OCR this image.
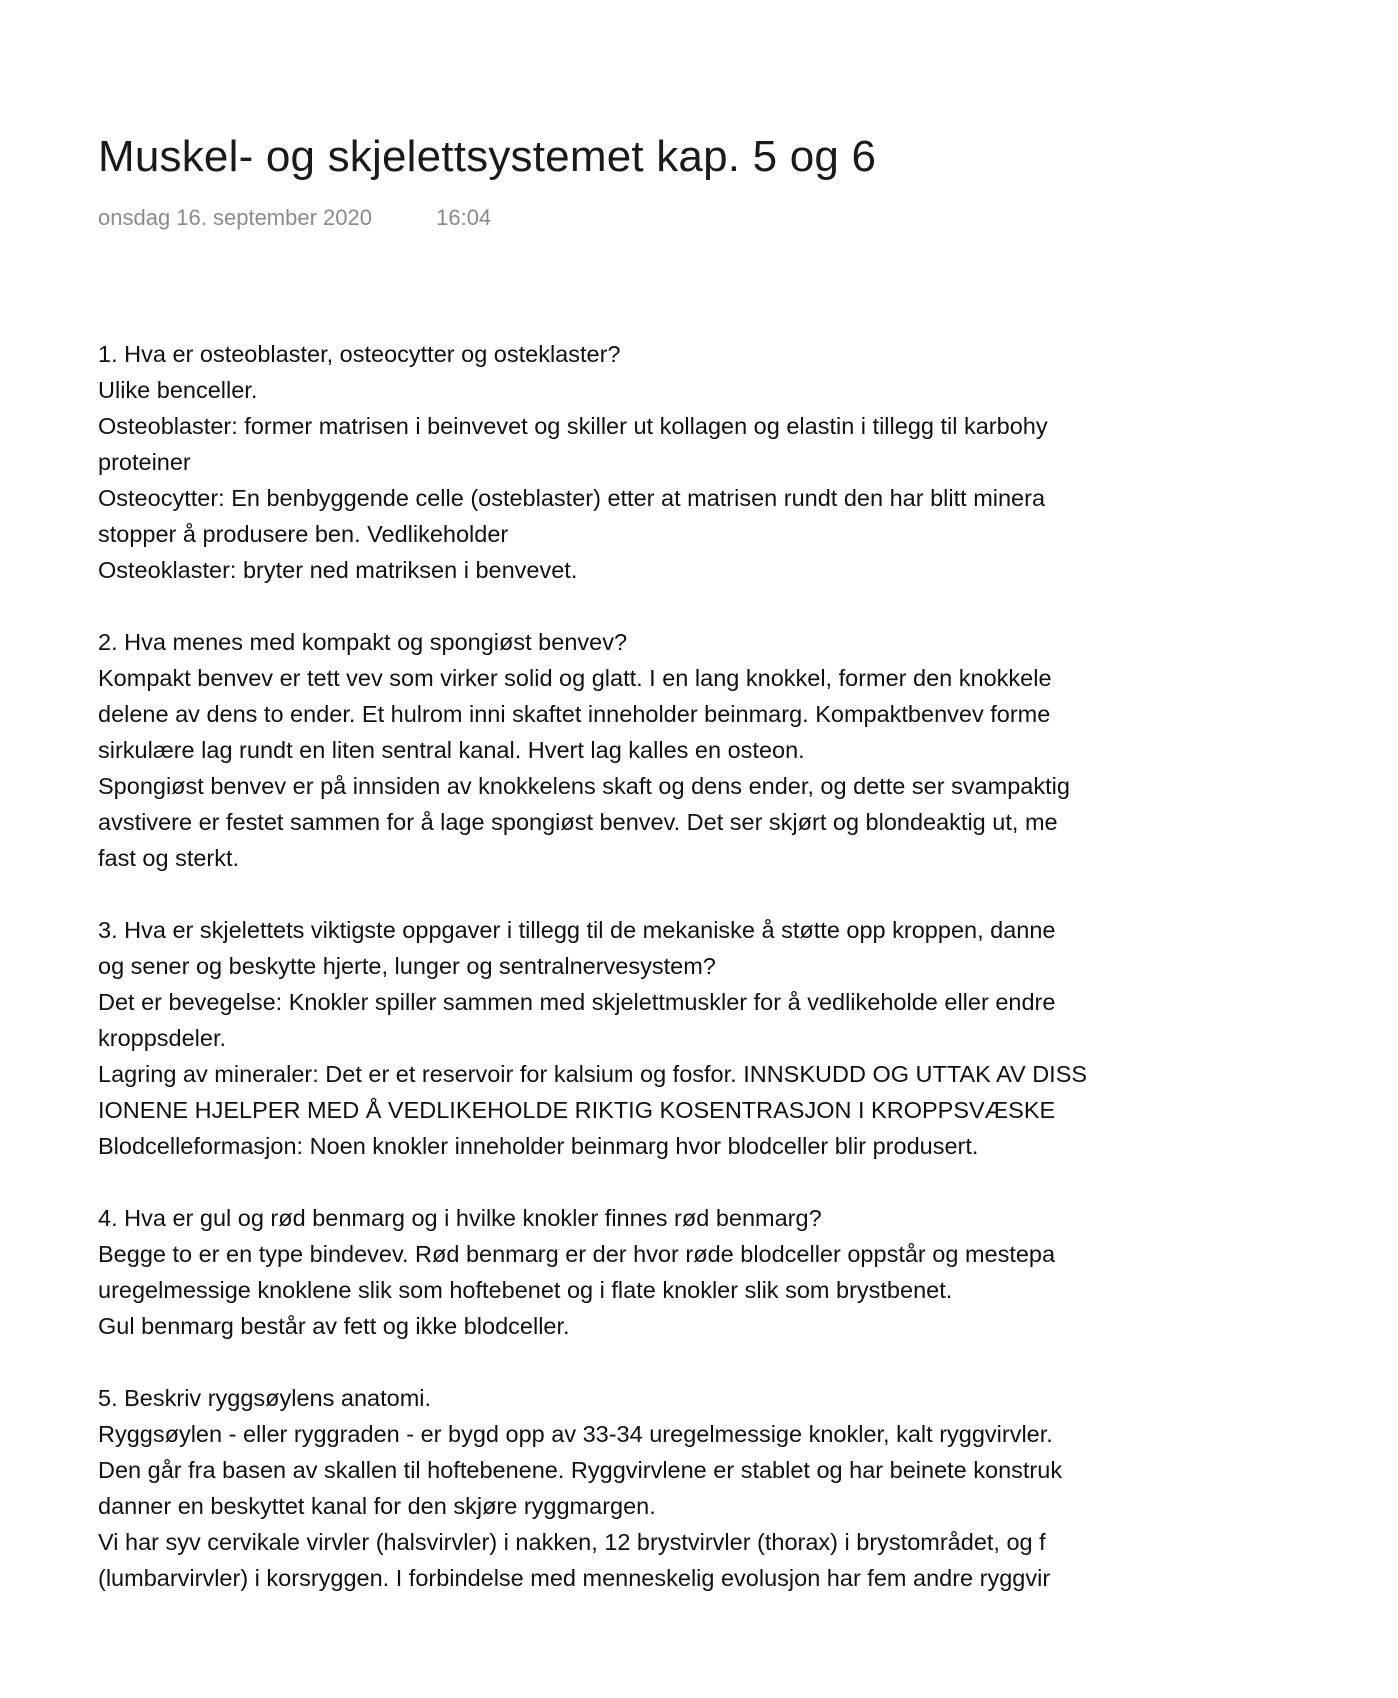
Muskel- og skjelettsystemet kap. 5 og 6
onsdag 16. september 2020	16:04
1. Hva er osteoblaster, osteocytter og osteklaster?
Ulike benceller.
Osteoblaster: former matrisen i beinvevet og skiller ut kollagen og elastin i tillegg til karbohy
proteiner
Osteocytter: En benbyggende celle (osteblaster) etter at matrisen rundt den har blitt minera
stopper å produsere ben. Vedlikeholder
Osteoklaster: bryter ned matriksen i benvevet.
2. Hva menes med kompakt og spongiøst benvev?
Kompakt benvev er tett vev som virker solid og glatt. I en lang knokkel, former den knokkele
delene av dens to ender. Et hulrom inni skaftet inneholder beinmarg. Kompaktbenvev forme
sirkulære lag rundt en liten sentral kanal. Hvert lag kalles en osteon.
Spongiøst benvev er på innsiden av knokkelens skaft og dens ender, og dette ser svampaktig
avstivere er festet sammen for å lage spongiøst benvev. Det ser skjørt og blondeaktig ut, me
fast og sterkt.
3. Hva er skjelettets viktigste oppgaver i tillegg til de mekaniske å støtte opp kroppen, danne
og sener og beskytte hjerte, lunger og sentralnervesystem?
Det er bevegelse: Knokler spiller sammen med skjelettmuskler for å vedlikeholde eller endre
kroppsdeler.
Lagring av mineraler: Det er et reservoir for kalsium og fosfor. INNSKUDD OG UTTAK AV DISS
IONENE HJELPER MED Å VEDLIKEHOLDE RIKTIG KOSENTRASJON I KROPPSVÆSKE
Blodcelleformasjon: Noen knokler inneholder beinmarg hvor blodceller blir produsert.
4. Hva er gul og rød benmarg og i hvilke knokler finnes rød benmarg?
Begge to er en type bindevev. Rød benmarg er der hvor røde blodceller oppstår og mestepa
uregelmessige knoklene slik som hoftebenet og i flate knokler slik som brystbenet.
Gul benmarg består av fett og ikke blodceller.
5. Beskriv ryggsøylens anatomi.
Ryggsøylen - eller ryggraden - er bygd opp av 33-34 uregelmessige knokler, kalt ryggvirvler.
Den går fra basen av skallen til hoftebenene. Ryggvirvlene er stablet og har beinete konstruk
danner en beskyttet kanal for den skjøre ryggmargen.
Vi har syv cervikale virvler (halsvirvler) i nakken, 12 brystvirvler (thorax) i brystområdet, og f
(lumbarvirvler) i korsryggen. I forbindelse med menneskelig evolusjon har fem andre ryggvir
